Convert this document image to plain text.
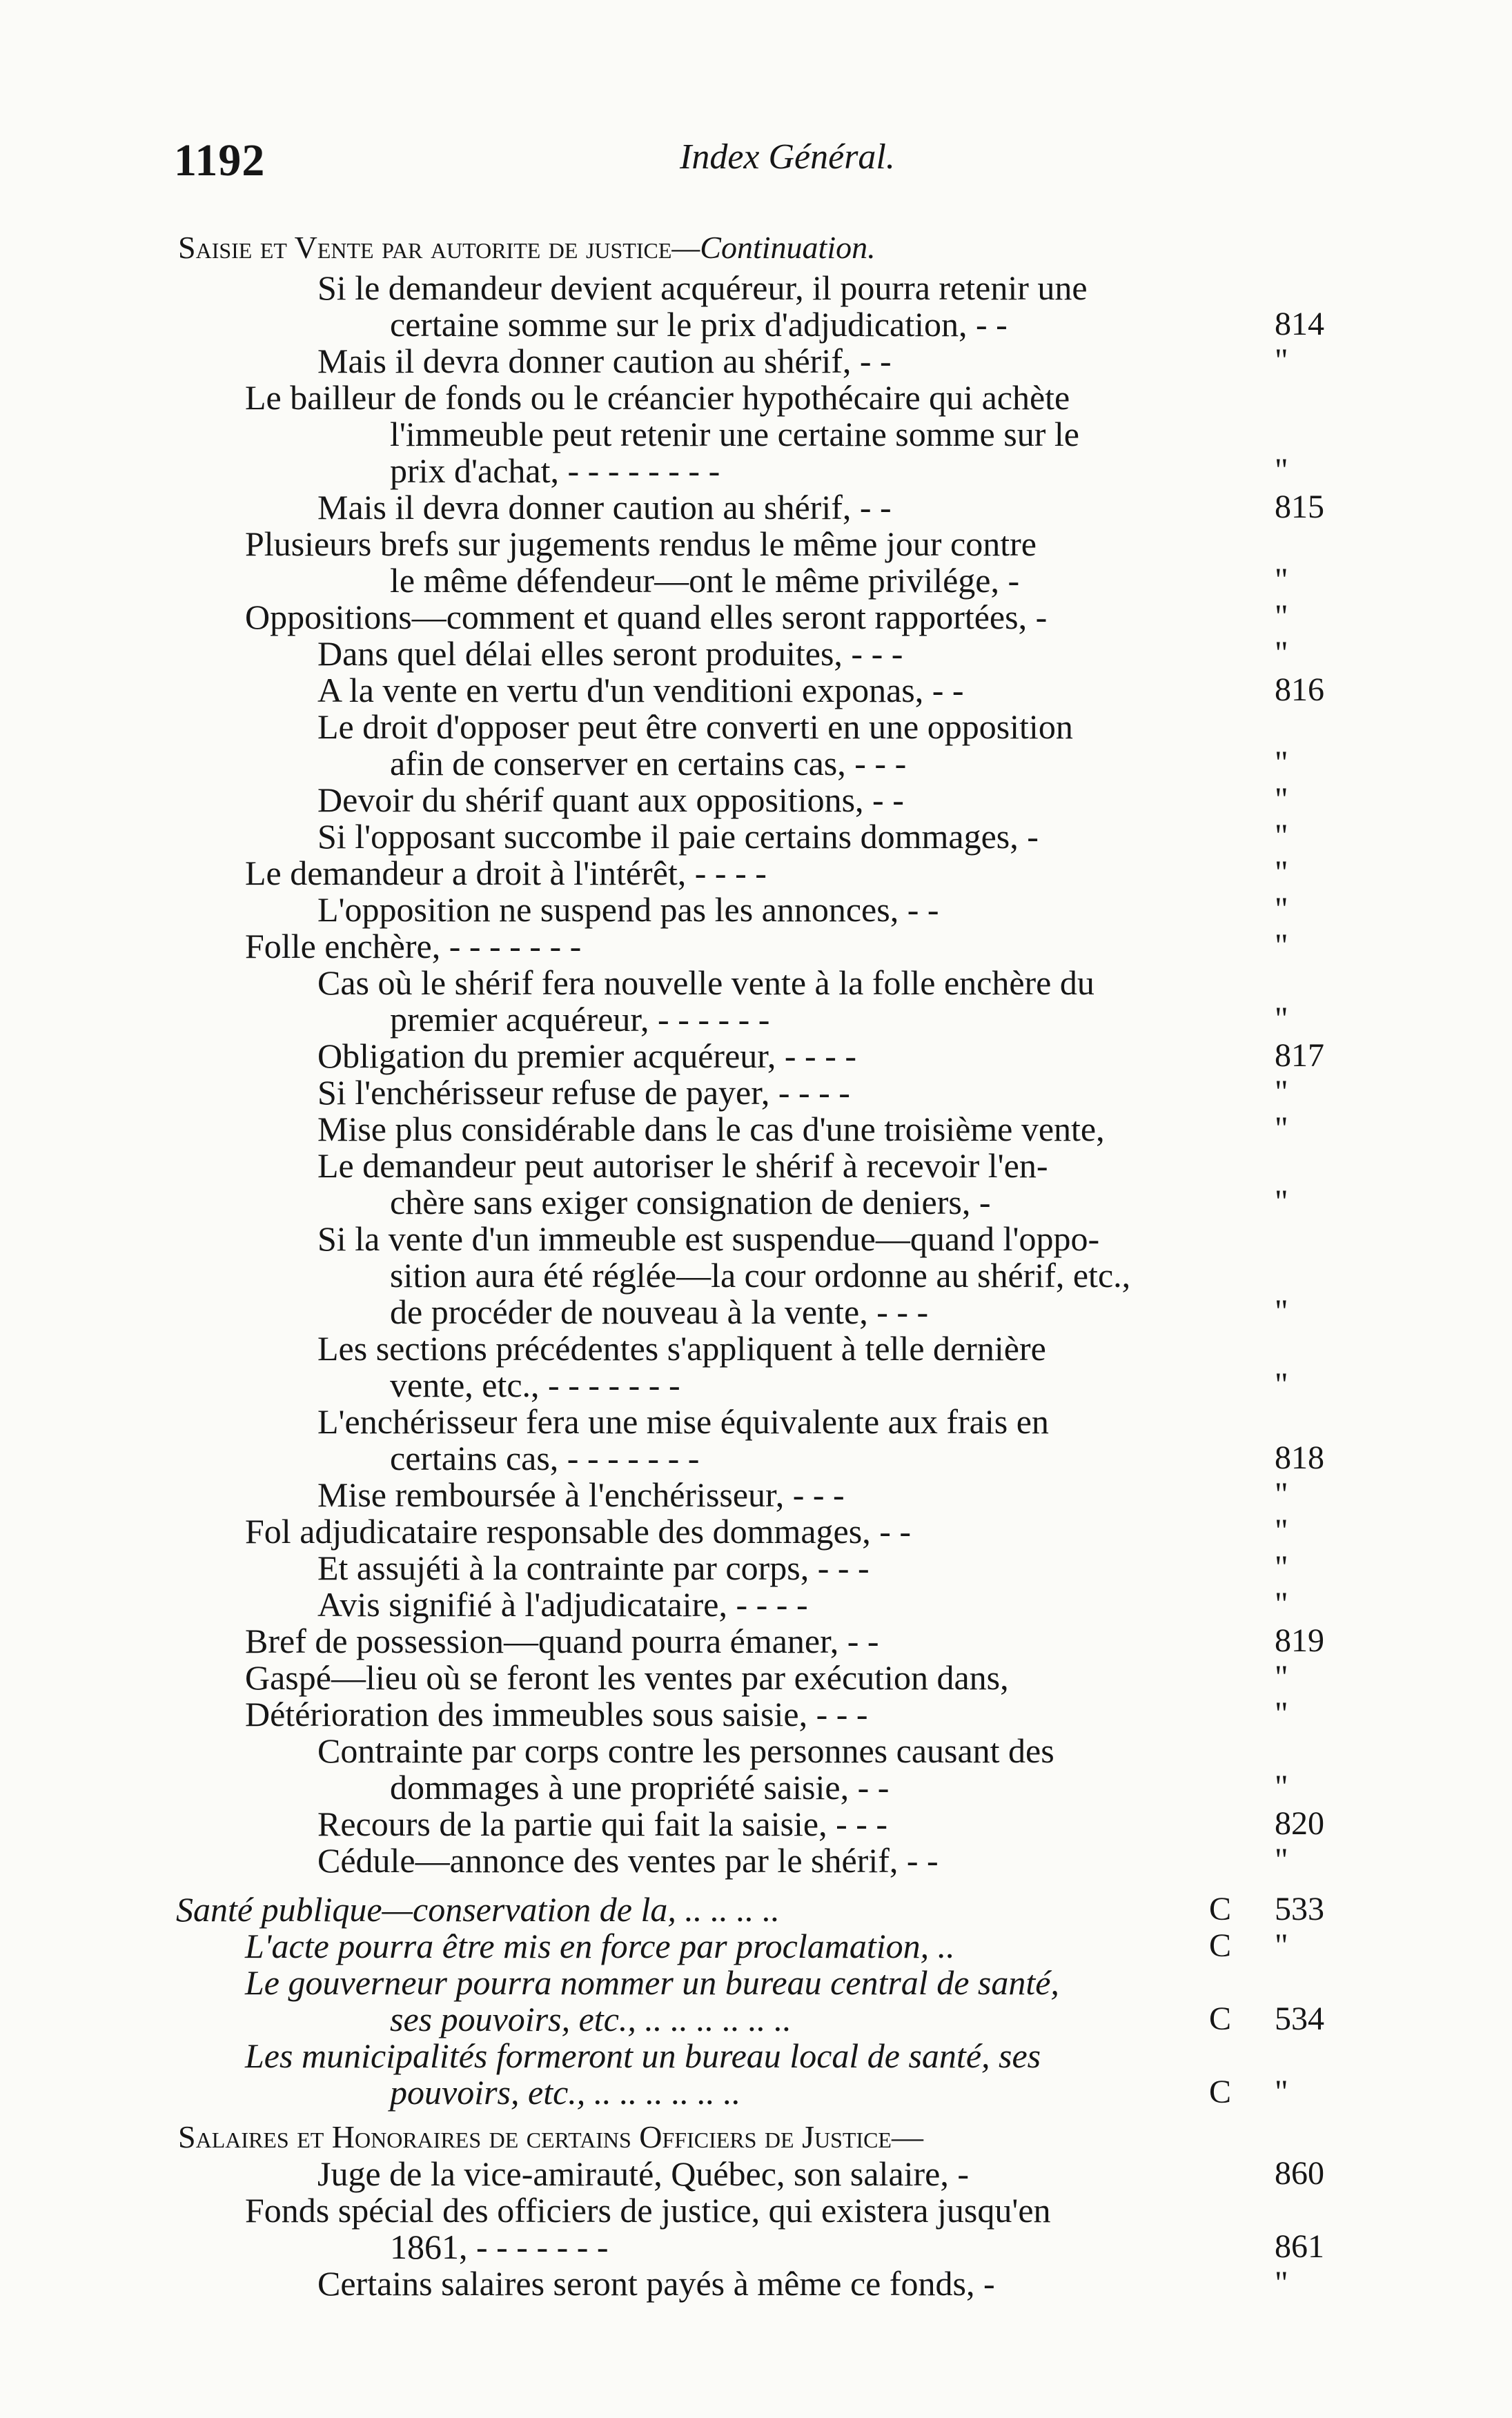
1192	Index Général.
Saisie et Vente par autorite de justice—Continuation.
Si le demandeur devient acquéreur, il pourra retenir une
certaine somme sur le prix d'adjudication, - -	814
Mais il devra donner caution au shérif, - -	"
Le bailleur de fonds ou le créancier hypothécaire qui achète
l'immeuble peut retenir une certaine somme sur le
prix d'achat, - - - - - - - -	"
Mais il devra donner caution au shérif, - -	815
Plusieurs brefs sur jugements rendus le même jour contre
le même défendeur—ont le même privilége, -	"
Oppositions—comment et quand elles seront rapportées, -	"
Dans quel délai elles seront produites, - - -	"
A la vente en vertu d'un venditioni exponas, - -	816
Le droit d'opposer peut être converti en une opposition
afin de conserver en certains cas, - - -	"
Devoir du shérif quant aux oppositions, - -	"
Si l'opposant succombe il paie certains dommages, -	"
Le demandeur a droit à l'intérêt, - - - -	"
L'opposition ne suspend pas les annonces, - -	"
Folle enchère, - - - - - - -	"
Cas où le shérif fera nouvelle vente à la folle enchère du
premier acquéreur, - - - - - -	"
Obligation du premier acquéreur, - - - -	817
Si l'enchérisseur refuse de payer, - - - -	"
Mise plus considérable dans le cas d'une troisième vente,	"
Le demandeur peut autoriser le shérif à recevoir l'en-
chère sans exiger consignation de deniers, -	"
Si la vente d'un immeuble est suspendue—quand l'oppo-
sition aura été réglée—la cour ordonne au shérif, etc.,
de procéder de nouveau à la vente, - - -	"
Les sections précédentes s'appliquent à telle dernière
vente, etc., - - - - - - -	"
L'enchérisseur fera une mise équivalente aux frais en
certains cas, - - - - - - -	818
Mise remboursée à l'enchérisseur, - - -	"
Fol adjudicataire responsable des dommages, - -	"
Et assujéti à la contrainte par corps, - - -	"
Avis signifié à l'adjudicataire, - - - -	"
Bref de possession—quand pourra émaner, - -	819
Gaspé—lieu où se feront les ventes par exécution dans,	"
Détérioration des immeubles sous saisie, - - -	"
Contrainte par corps contre les personnes causant des
dommages à une propriété saisie, - -	"
Recours de la partie qui fait la saisie, - - -	820
Cédule—annonce des ventes par le shérif, - -	"
Santé publique—conservation de la, .. .. .. ..	C 533
L'acte pourra être mis en force par proclamation, ..	C "
Le gouverneur pourra nommer un bureau central de santé,
ses pouvoirs, etc., .. .. .. .. .. ..	C 534
Les municipalités formeront un bureau local de santé, ses
pouvoirs, etc., .. .. .. .. .. ..	C "
Salaires et Honoraires de certains Officiers de Justice—
Juge de la vice-amirauté, Québec, son salaire, -	860
Fonds spécial des officiers de justice, qui existera jusqu'en
1861, - - - - - - -	861
Certains salaires seront payés à même ce fonds, -	"
